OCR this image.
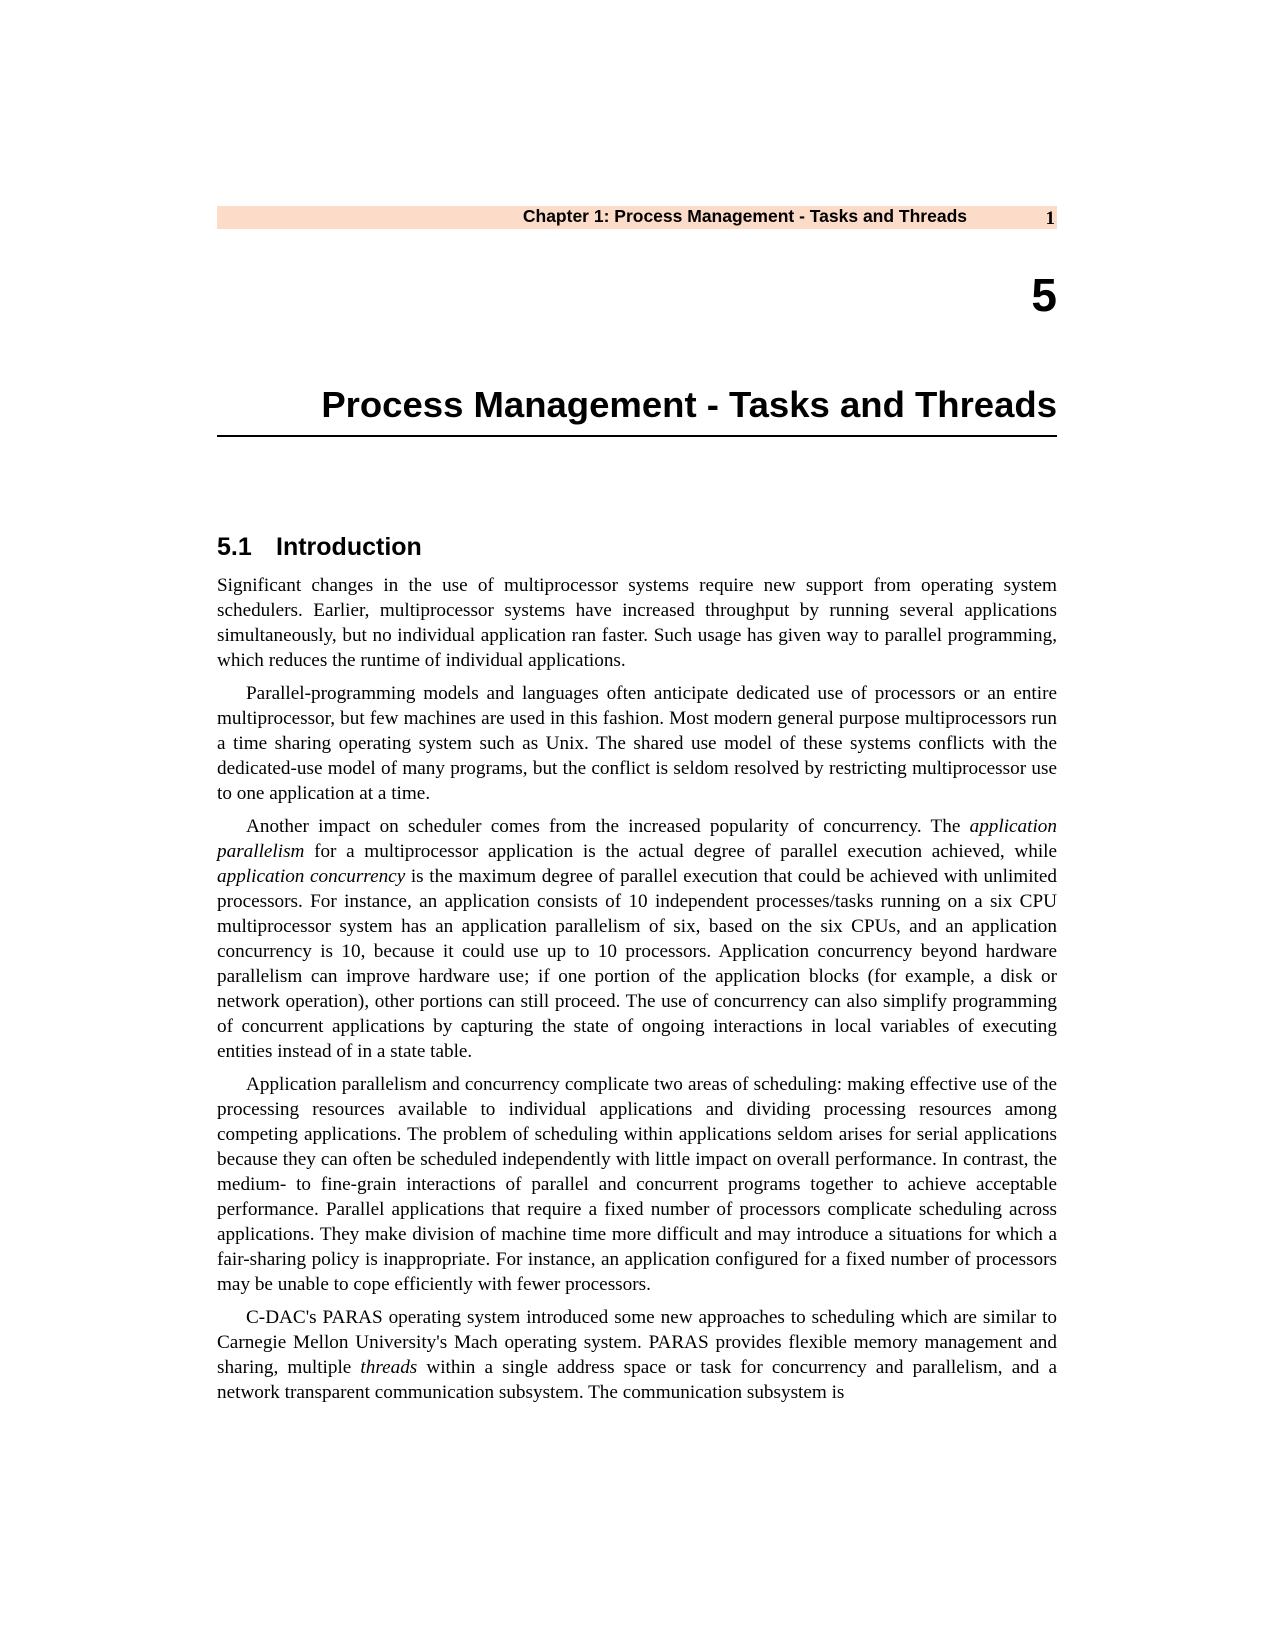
Chapter 1: Process Management - Tasks and Threads	1
5
Process Management - Tasks and Threads
5.1 Introduction

Significant changes in the use of multiprocessor systems require new support from operating system schedulers. Earlier, multiprocessor systems have increased throughput by running several applications simultaneously, but no individual application ran faster. Such usage has given way to parallel programming, which reduces the runtime of individual applications.

Parallel-programming models and languages often anticipate dedicated use of processors or an entire multiprocessor, but few machines are used in this fashion. Most modern general purpose multiprocessors run a time sharing operating system such as Unix. The shared use model of these systems conflicts with the dedicated-use model of many programs, but the conflict is seldom resolved by restricting multiprocessor use to one application at a time.

Another impact on scheduler comes from the increased popularity of concurrency. The application parallelism for a multiprocessor application is the actual degree of parallel execution achieved, while application concurrency is the maximum degree of parallel execution that could be achieved with unlimited processors. For instance, an application consists of 10 independent processes/tasks running on a six CPU multiprocessor system has an application parallelism of six, based on the six CPUs, and an application concurrency is 10, because it could use up to 10 processors. Application concurrency beyond hardware parallelism can improve hardware use; if one portion of the application blocks (for example, a disk or network operation), other portions can still proceed. The use of concurrency can also simplify programming of concurrent applications by capturing the state of ongoing interactions in local variables of executing entities instead of in a state table.

Application parallelism and concurrency complicate two areas of scheduling: making effective use of the processing resources available to individual applications and dividing processing resources among competing applications. The problem of scheduling within applications seldom arises for serial applications because they can often be scheduled independently with little impact on overall performance. In contrast, the medium- to fine-grain interactions of parallel and concurrent programs together to achieve acceptable performance. Parallel applications that require a fixed number of processors complicate scheduling across applications. They make division of machine time more difficult and may introduce a situations for which a fair-sharing policy is inappropriate. For instance, an application configured for a fixed number of processors may be unable to cope efficiently with fewer processors.

C-DAC's PARAS operating system introduced some new approaches to scheduling which are similar to Carnegie Mellon University's Mach operating system. PARAS provides flexible memory management and sharing, multiple threads within a single address space or task for concurrency and parallelism, and a network transparent communication subsystem. The communication subsystem is
